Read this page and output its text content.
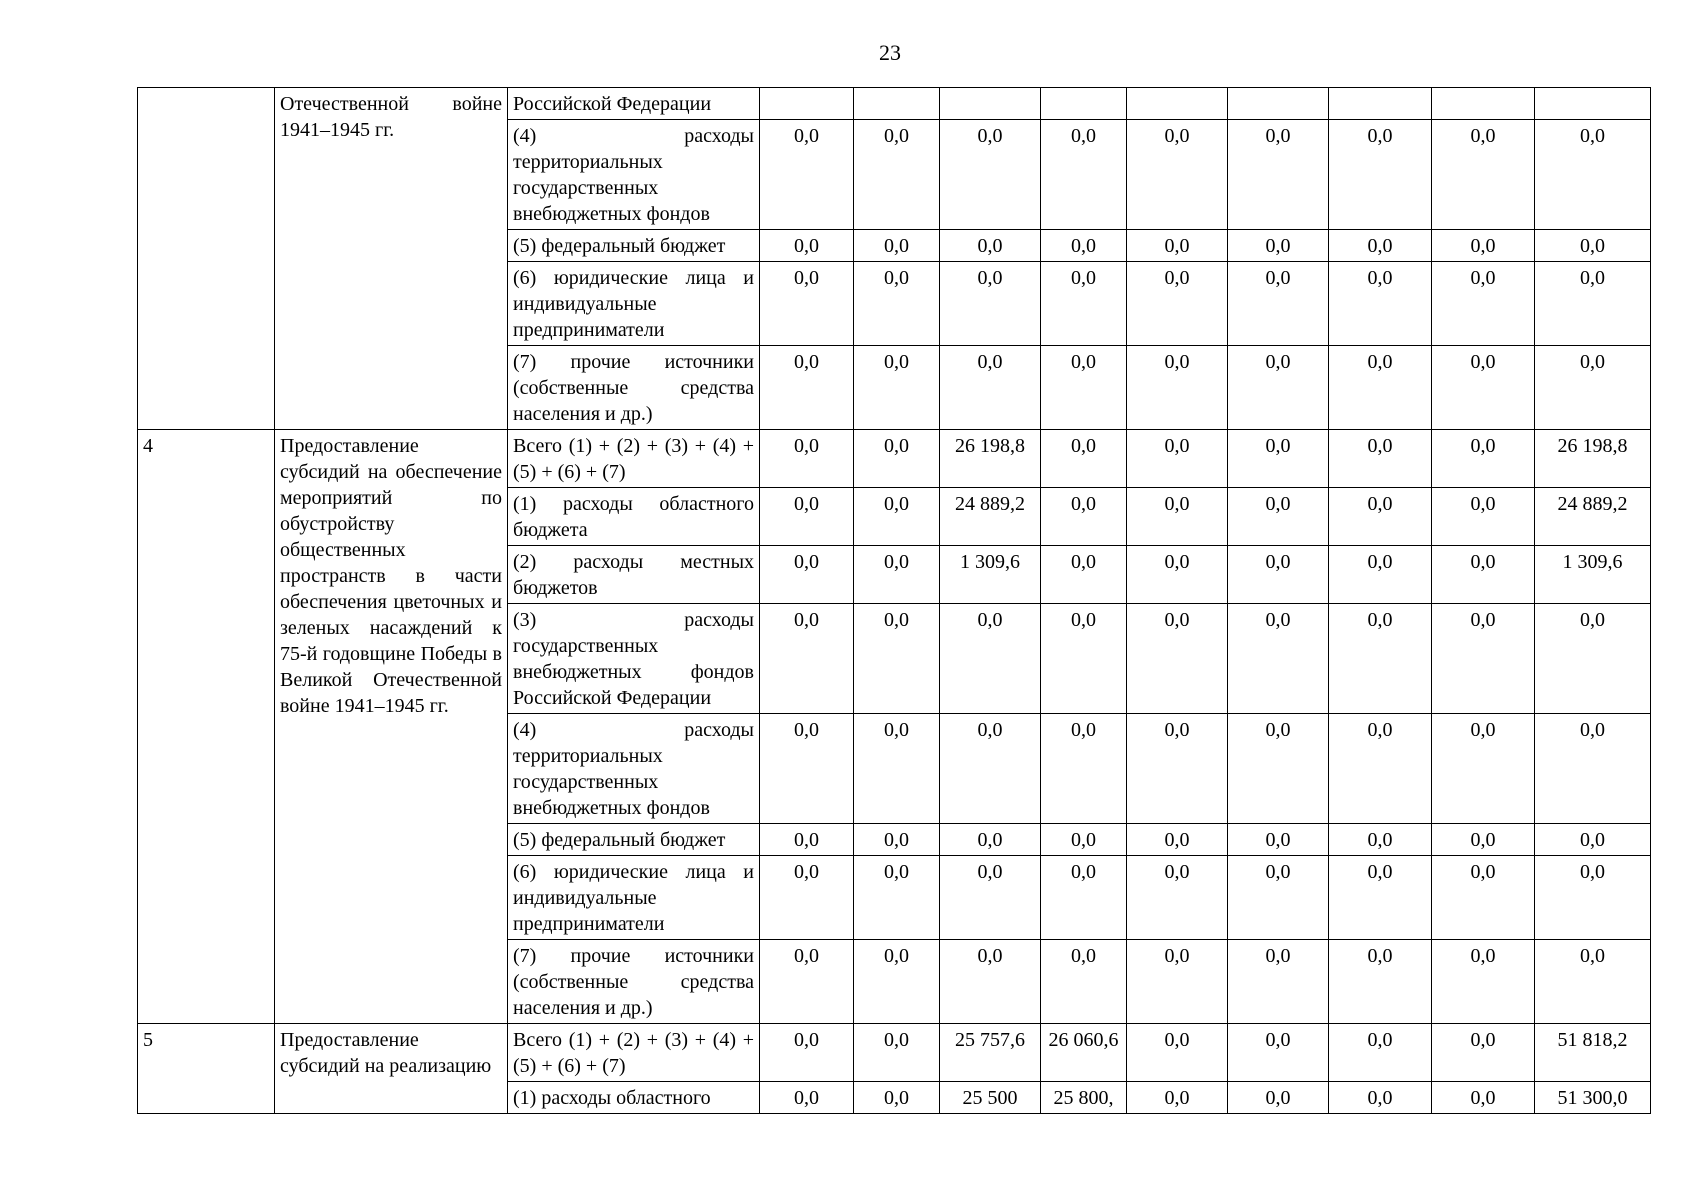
23
	Отечественной войне 1941–1945 гг.	Российской Федерации									
		(4) расходы территориальных государственных внебюджетных фондов	0,0	0,0	0,0	0,0	0,0	0,0	0,0	0,0	0,0
		(5) федеральный бюджет	0,0	0,0	0,0	0,0	0,0	0,0	0,0	0,0	0,0
		(6) юридические лица и индивидуальные предприниматели	0,0	0,0	0,0	0,0	0,0	0,0	0,0	0,0	0,0
		(7) прочие источники (собственные средства населения и др.)	0,0	0,0	0,0	0,0	0,0	0,0	0,0	0,0	0,0
4	Предоставление субсидий на обеспечение мероприятий по обустройству общественных пространств в части обеспечения цветочных и зеленых насаждений к 75-й годовщине Победы в Великой Отечественной войне 1941–1945 гг.	Всего (1) + (2) + (3) + (4) + (5) + (6) + (7)	0,0	0,0	26 198,8	0,0	0,0	0,0	0,0	0,0	26 198,8
		(1) расходы областного бюджета	0,0	0,0	24 889,2	0,0	0,0	0,0	0,0	0,0	24 889,2
		(2) расходы местных бюджетов	0,0	0,0	1 309,6	0,0	0,0	0,0	0,0	0,0	1 309,6
		(3) расходы государственных внебюджетных фондов Российской Федерации	0,0	0,0	0,0	0,0	0,0	0,0	0,0	0,0	0,0
		(4) расходы территориальных государственных внебюджетных фондов	0,0	0,0	0,0	0,0	0,0	0,0	0,0	0,0	0,0
		(5) федеральный бюджет	0,0	0,0	0,0	0,0	0,0	0,0	0,0	0,0	0,0
		(6) юридические лица и индивидуальные предприниматели	0,0	0,0	0,0	0,0	0,0	0,0	0,0	0,0	0,0
		(7) прочие источники (собственные средства населения и др.)	0,0	0,0	0,0	0,0	0,0	0,0	0,0	0,0	0,0
5	Предоставление субсидий на реализацию	Всего (1) + (2) + (3) + (4) + (5) + (6) + (7)	0,0	0,0	25 757,6	26 060,6	0,0	0,0	0,0	0,0	51 818,2
		(1) расходы областного	0,0	0,0	25 500	25 800,	0,0	0,0	0,0	0,0	51 300,0
